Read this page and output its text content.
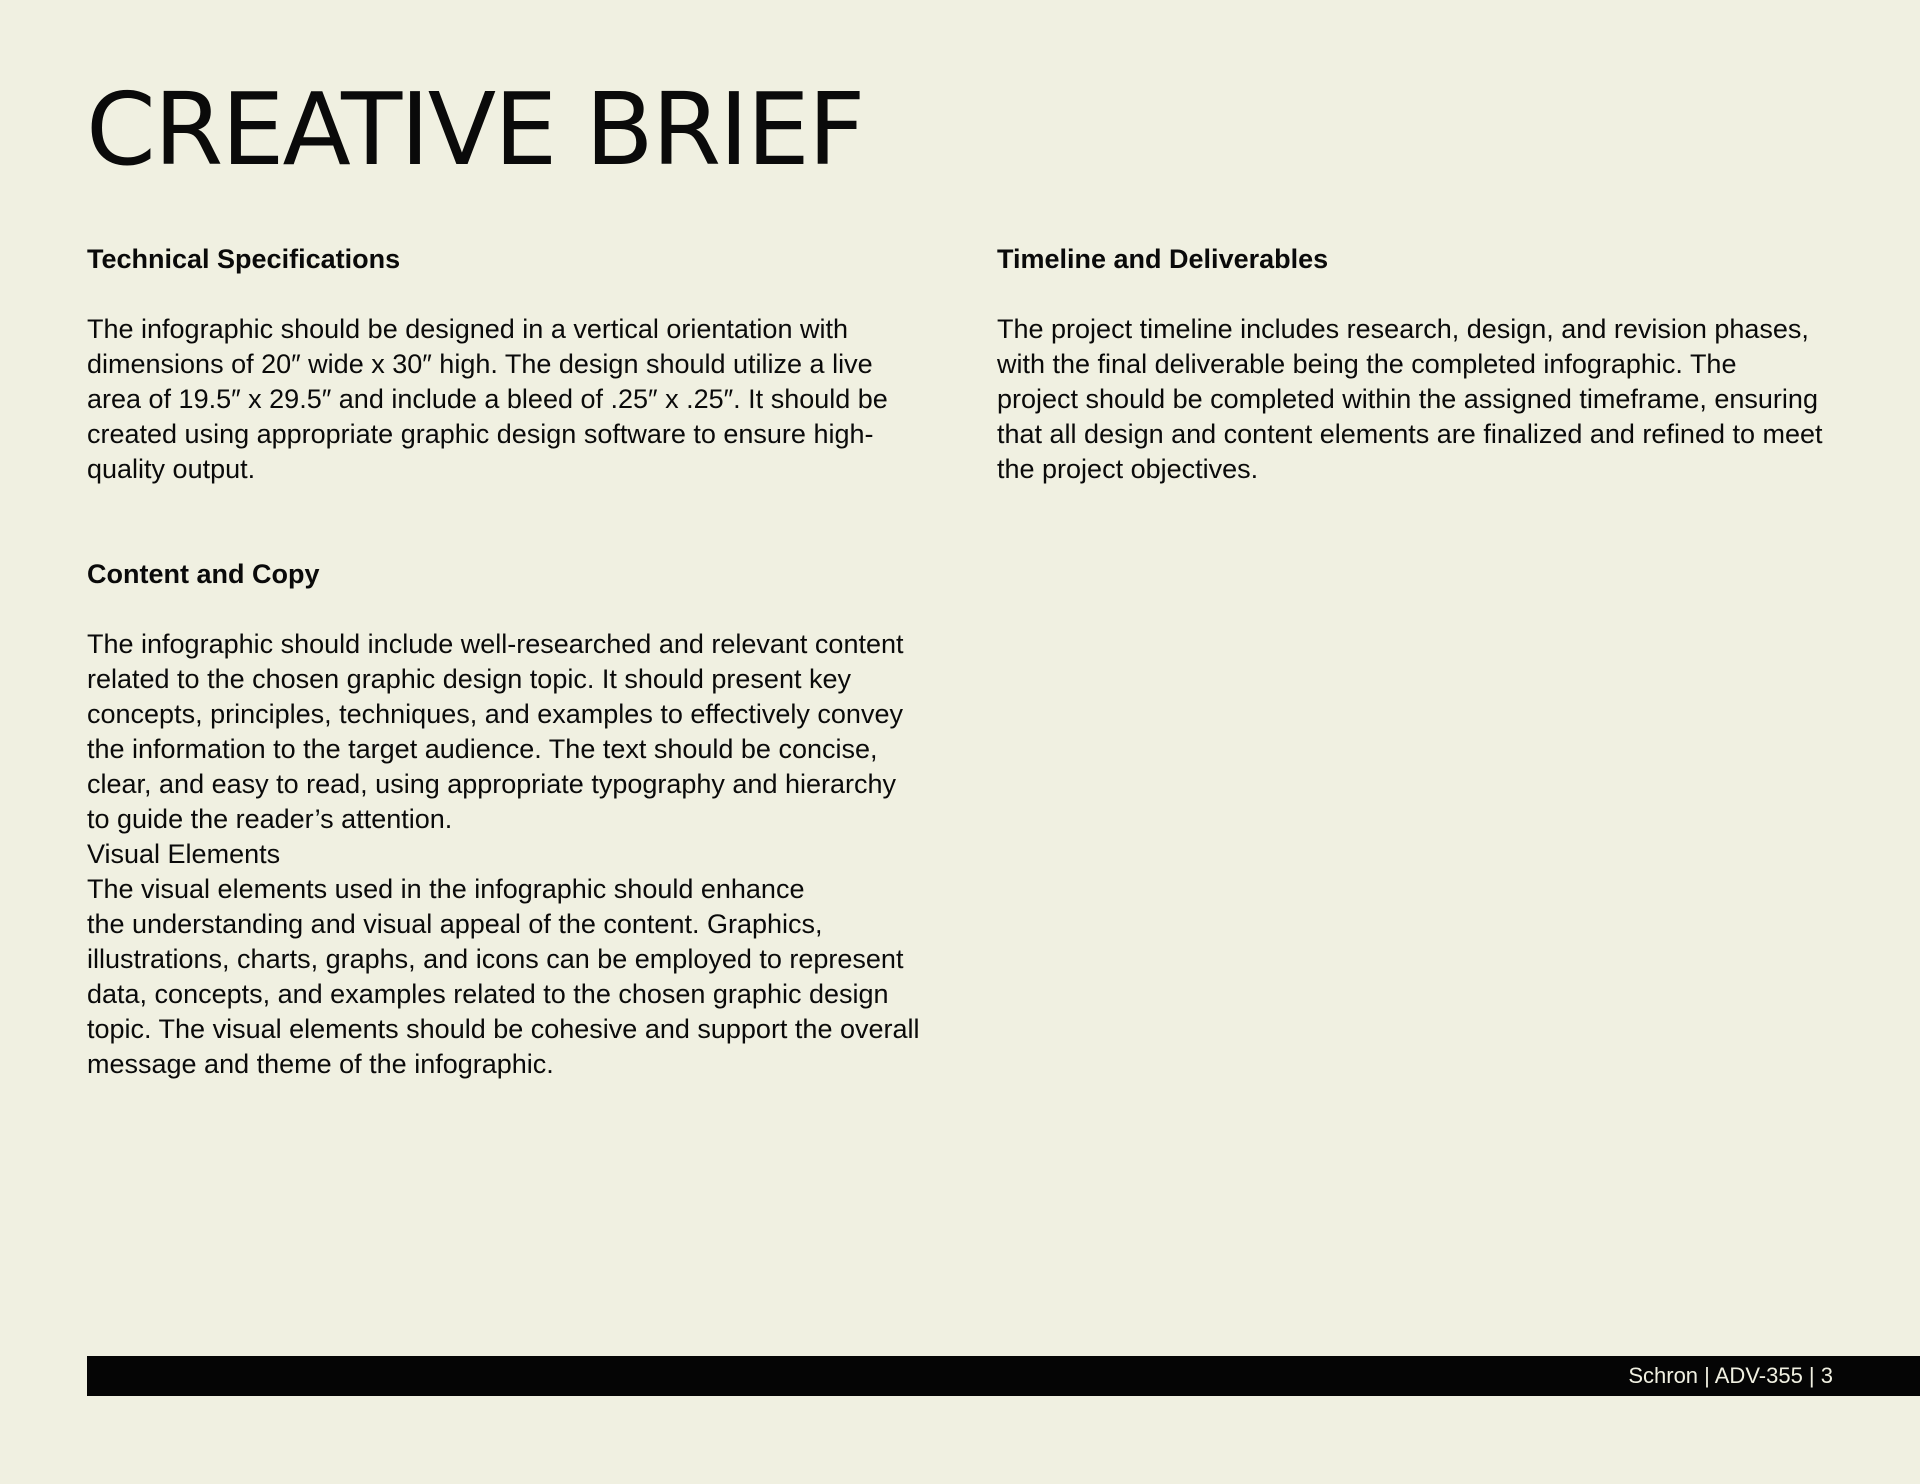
CREATIVE BRIEF
Technical Specifications

The infographic should be designed in a vertical orientation with
dimensions of 20″ wide x 30″ high. The design should utilize a live
area of 19.5″ x 29.5″ and include a bleed of .25″ x .25″. It should be
created using appropriate graphic design software to ensure high-
quality output.

Content and Copy

The infographic should include well-researched and relevant content
related to the chosen graphic design topic. It should present key
concepts, principles, techniques, and examples to effectively convey
the information to the target audience. The text should be concise,
clear, and easy to read, using appropriate typography and hierarchy
to guide the reader’s attention.
Visual Elements
The visual elements used in the infographic should enhance
the understanding and visual appeal of the content. Graphics,
illustrations, charts, graphs, and icons can be employed to represent
data, concepts, and examples related to the chosen graphic design
topic. The visual elements should be cohesive and support the overall
message and theme of the infographic.

Timeline and Deliverables

The project timeline includes research, design, and revision phases,
with the final deliverable being the completed infographic. The
project should be completed within the assigned timeframe, ensuring
that all design and content elements are finalized and refined to meet
the project objectives.

Schron | ADV-355 | 3
